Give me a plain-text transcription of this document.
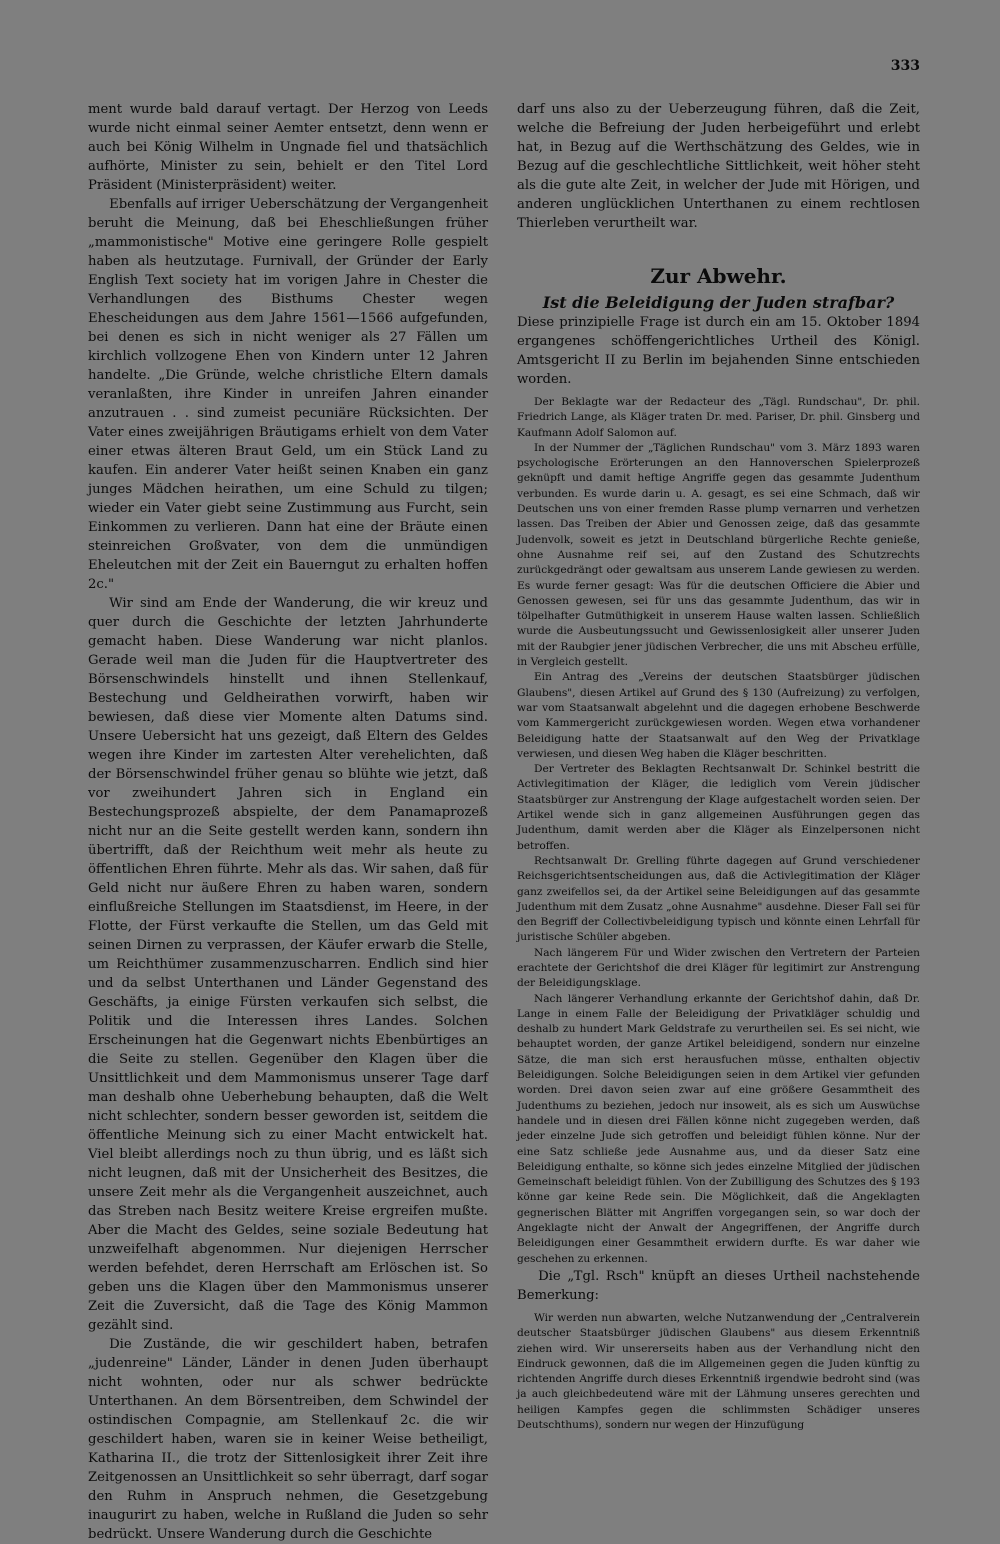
333

ment wurde bald darauf vertagt. Der Herzog von Leeds wurde nicht einmal seiner Aemter entsetzt, denn wenn er auch bei König Wilhelm in Ungnade fiel und thatsächlich aufhörte, Minister zu sein, behielt er den Titel Lord Präsident (Ministerpräsident) weiter.

Ebenfalls auf irriger Ueberschätzung der Vergangenheit beruht die Meinung, daß bei Eheschließungen früher „mammonistische" Motive eine geringere Rolle gespielt haben als heutzutage. Furnivall, der Gründer der Early English Text society hat im vorigen Jahre in Chester die Verhandlungen des Bisthums Chester wegen Ehescheidungen aus dem Jahre 1561—1566 aufgefunden, bei denen es sich in nicht weniger als 27 Fällen um kirchlich vollzogene Ehen von Kindern unter 12 Jahren handelte. „Die Gründe, welche christliche Eltern damals veranlaßten, ihre Kinder in unreifen Jahren einander anzutrauen . . sind zumeist pecuniäre Rücksichten. Der Vater eines zweijährigen Bräutigams erhielt von dem Vater einer etwas älteren Braut Geld, um ein Stück Land zu kaufen. Ein anderer Vater heißt seinen Knaben ein ganz junges Mädchen heirathen, um eine Schuld zu tilgen; wieder ein Vater giebt seine Zustimmung aus Furcht, sein Einkommen zu verlieren. Dann hat eine der Bräute einen steinreichen Großvater, von dem die unmündigen Eheleutchen mit der Zeit ein Bauerngut zu erhalten hoffen 2c."

Wir sind am Ende der Wanderung, die wir kreuz und quer durch die Geschichte der letzten Jahrhunderte gemacht haben. Diese Wanderung war nicht planlos. Gerade weil man die Juden für die Hauptvertreter des Börsenschwindels hinstellt und ihnen Stellenkauf, Bestechung und Geldheirathen vorwirft, haben wir bewiesen, daß diese vier Momente alten Datums sind. Unsere Uebersicht hat uns gezeigt, daß Eltern des Geldes wegen ihre Kinder im zartesten Alter verehelichten, daß der Börsenschwindel früher genau so blühte wie jetzt, daß vor zweihundert Jahren sich in England ein Bestechungsprozeß abspielte, der dem Panamaprozeß nicht nur an die Seite gestellt werden kann, sondern ihn übertrifft, daß der Reichthum weit mehr als heute zu öffentlichen Ehren führte. Mehr als das. Wir sahen, daß für Geld nicht nur äußere Ehren zu haben waren, sondern einflußreiche Stellungen im Staatsdienst, im Heere, in der Flotte, der Fürst verkaufte die Stellen, um das Geld mit seinen Dirnen zu verprassen, der Käufer erwarb die Stelle, um Reichthümer zusammenzuscharren. Endlich sind hier und da selbst Unterthanen und Länder Gegenstand des Geschäfts, ja einige Fürsten verkaufen sich selbst, die Politik und die Interessen ihres Landes. Solchen Erscheinungen hat die Gegenwart nichts Ebenbürtiges an die Seite zu stellen. Gegenüber den Klagen über die Unsittlichkeit und dem Mammonismus unserer Tage darf man deshalb ohne Ueberhebung behaupten, daß die Welt nicht schlechter, sondern besser geworden ist, seitdem die öffentliche Meinung sich zu einer Macht entwickelt hat. Viel bleibt allerdings noch zu thun übrig, und es läßt sich nicht leugnen, daß mit der Unsicherheit des Besitzes, die unsere Zeit mehr als die Vergangenheit auszeichnet, auch das Streben nach Besitz weitere Kreise ergreifen mußte. Aber die Macht des Geldes, seine soziale Bedeutung hat unzweifelhaft abgenommen. Nur diejenigen Herrscher werden befehdet, deren Herrschaft am Erlöschen ist. So geben uns die Klagen über den Mammonismus unserer Zeit die Zuversicht, daß die Tage des König Mammon gezählt sind.

Die Zustände, die wir geschildert haben, betrafen „judenreine" Länder, Länder in denen Juden überhaupt nicht wohnten, oder nur als schwer bedrückte Unterthanen. An dem Börsentreiben, dem Schwindel der ostindischen Compagnie, am Stellenkauf 2c. die wir geschildert haben, waren sie in keiner Weise betheiligt, Katharina II., die trotz der Sittenlosigkeit ihrer Zeit ihre Zeitgenossen an Unsittlichkeit so sehr überragt, darf sogar den Ruhm in Anspruch nehmen, die Gesetzgebung inaugurirt zu haben, welche in Rußland die Juden so sehr bedrückt. Unsere Wanderung durch die Geschichte

darf uns also zu der Ueberzeugung führen, daß die Zeit, welche die Befreiung der Juden herbeigeführt und erlebt hat, in Bezug auf die Werthschätzung des Geldes, wie in Bezug auf die geschlechtliche Sittlichkeit, weit höher steht als die gute alte Zeit, in welcher der Jude mit Hörigen, und anderen unglücklichen Unterthanen zu einem rechtlosen Thierleben verurtheilt war.

Zur Abwehr.
Ist die Beleidigung der Juden strafbar?

Diese prinzipielle Frage ist durch ein am 15. Oktober 1894 ergangenes schöffengerichtliches Urtheil des Königl. Amtsgericht II zu Berlin im bejahenden Sinne entschieden worden.

Der Beklagte war der Redacteur des „Tägl. Rundschau", Dr. phil. Friedrich Lange, als Kläger traten Dr. med. Pariser, Dr. phil. Ginsberg und Kaufmann Adolf Salomon auf.

In der Nummer der „Täglichen Rundschau" vom 3. März 1893 waren psychologische Erörterungen an den Hannoverschen Spielerprozeß geknüpft und damit heftige Angriffe gegen das gesammte Judenthum verbunden. Es wurde darin u. A. gesagt, es sei eine Schmach, daß wir Deutschen uns von einer fremden Rasse plump vernarren und verhetzen lassen. Das Treiben der Abier und Genossen zeige, daß das gesammte Judenvolk, soweit es jetzt in Deutschland bürgerliche Rechte genieße, ohne Ausnahme reif sei, auf den Zustand des Schutzrechts zurückgedrängt oder gewaltsam aus unserem Lande gewiesen zu werden. Es wurde ferner gesagt: Was für die deutschen Officiere die Abier und Genossen gewesen, sei für uns das gesammte Judenthum, das wir in tölpelhafter Gutmüthigkeit in unserem Hause walten lassen. Schließlich wurde die Ausbeutungssucht und Gewissenlosigkeit aller unserer Juden mit der Raubgier jener jüdischen Verbrecher, die uns mit Abscheu erfülle, in Vergleich gestellt.

Ein Antrag des „Vereins der deutschen Staatsbürger jüdischen Glaubens", diesen Artikel auf Grund des § 130 (Aufreizung) zu verfolgen, war vom Staatsanwalt abgelehnt und die dagegen erhobene Beschwerde vom Kammergericht zurückgewiesen worden. Wegen etwa vorhandener Beleidigung hatte der Staatsanwalt auf den Weg der Privatklage verwiesen, und diesen Weg haben die Kläger beschritten.

Der Vertreter des Beklagten Rechtsanwalt Dr. Schinkel bestritt die Activlegitimation der Kläger, die lediglich vom Verein jüdischer Staatsbürger zur Anstrengung der Klage aufgestachelt worden seien. Der Artikel wende sich in ganz allgemeinen Ausführungen gegen das Judenthum, damit werden aber die Kläger als Einzelpersonen nicht betroffen.

Rechtsanwalt Dr. Grelling führte dagegen auf Grund verschiedener Reichsgerichtsentscheidungen aus, daß die Activlegitimation der Kläger ganz zweifellos sei, da der Artikel seine Beleidigungen auf das gesammte Judenthum mit dem Zusatz „ohne Ausnahme" ausdehne. Dieser Fall sei für den Begriff der Collectivbeleidigung typisch und könnte einen Lehrfall für juristische Schüler abgeben.

Nach längerem Für und Wider zwischen den Vertretern der Parteien erachtete der Gerichtshof die drei Kläger für legitimirt zur Anstrengung der Beleidigungsklage.

Nach längerer Verhandlung erkannte der Gerichtshof dahin, daß Dr. Lange in einem Falle der Beleidigung der Privatkläger schuldig und deshalb zu hundert Mark Geldstrafe zu verurtheilen sei. Es sei nicht, wie behauptet worden, der ganze Artikel beleidigend, sondern nur einzelne Sätze, die man sich erst herausfuchen müsse, enthalten objectiv Beleidigungen. Solche Beleidigungen seien in dem Artikel vier gefunden worden. Drei davon seien zwar auf eine größere Gesammtheit des Judenthums zu beziehen, jedoch nur insoweit, als es sich um Auswüchse handele und in diesen drei Fällen könne nicht zugegeben werden, daß jeder einzelne Jude sich getroffen und beleidigt fühlen könne. Nur der eine Satz schließe jede Ausnahme aus, und da dieser Satz eine Beleidigung enthalte, so könne sich jedes einzelne Mitglied der jüdischen Gemeinschaft beleidigt fühlen. Von der Zubilligung des Schutzes des § 193 könne gar keine Rede sein. Die Möglichkeit, daß die Angeklagten gegnerischen Blätter mit Angriffen vorgegangen sein, so war doch der Angeklagte nicht der Anwalt der Angegriffenen, der Angriffe durch Beleidigungen einer Gesammtheit erwidern durfte. Es war daher wie geschehen zu erkennen.

Die „Tgl. Rsch" knüpft an dieses Urtheil nachstehende Bemerkung:

Wir werden nun abwarten, welche Nutzanwendung der „Centralverein deutscher Staatsbürger jüdischen Glaubens" aus diesem Erkenntniß ziehen wird. Wir unsererseits haben aus der Verhandlung nicht den Eindruck gewonnen, daß die im Allgemeinen gegen die Juden künftig zu richtenden Angriffe durch dieses Erkenntniß irgendwie bedroht sind (was ja auch gleichbedeutend wäre mit der Lähmung unseres gerechten und heiligen Kampfes gegen die schlimmsten Schädiger unseres Deutschthums), sondern nur wegen der Hinzufügung
